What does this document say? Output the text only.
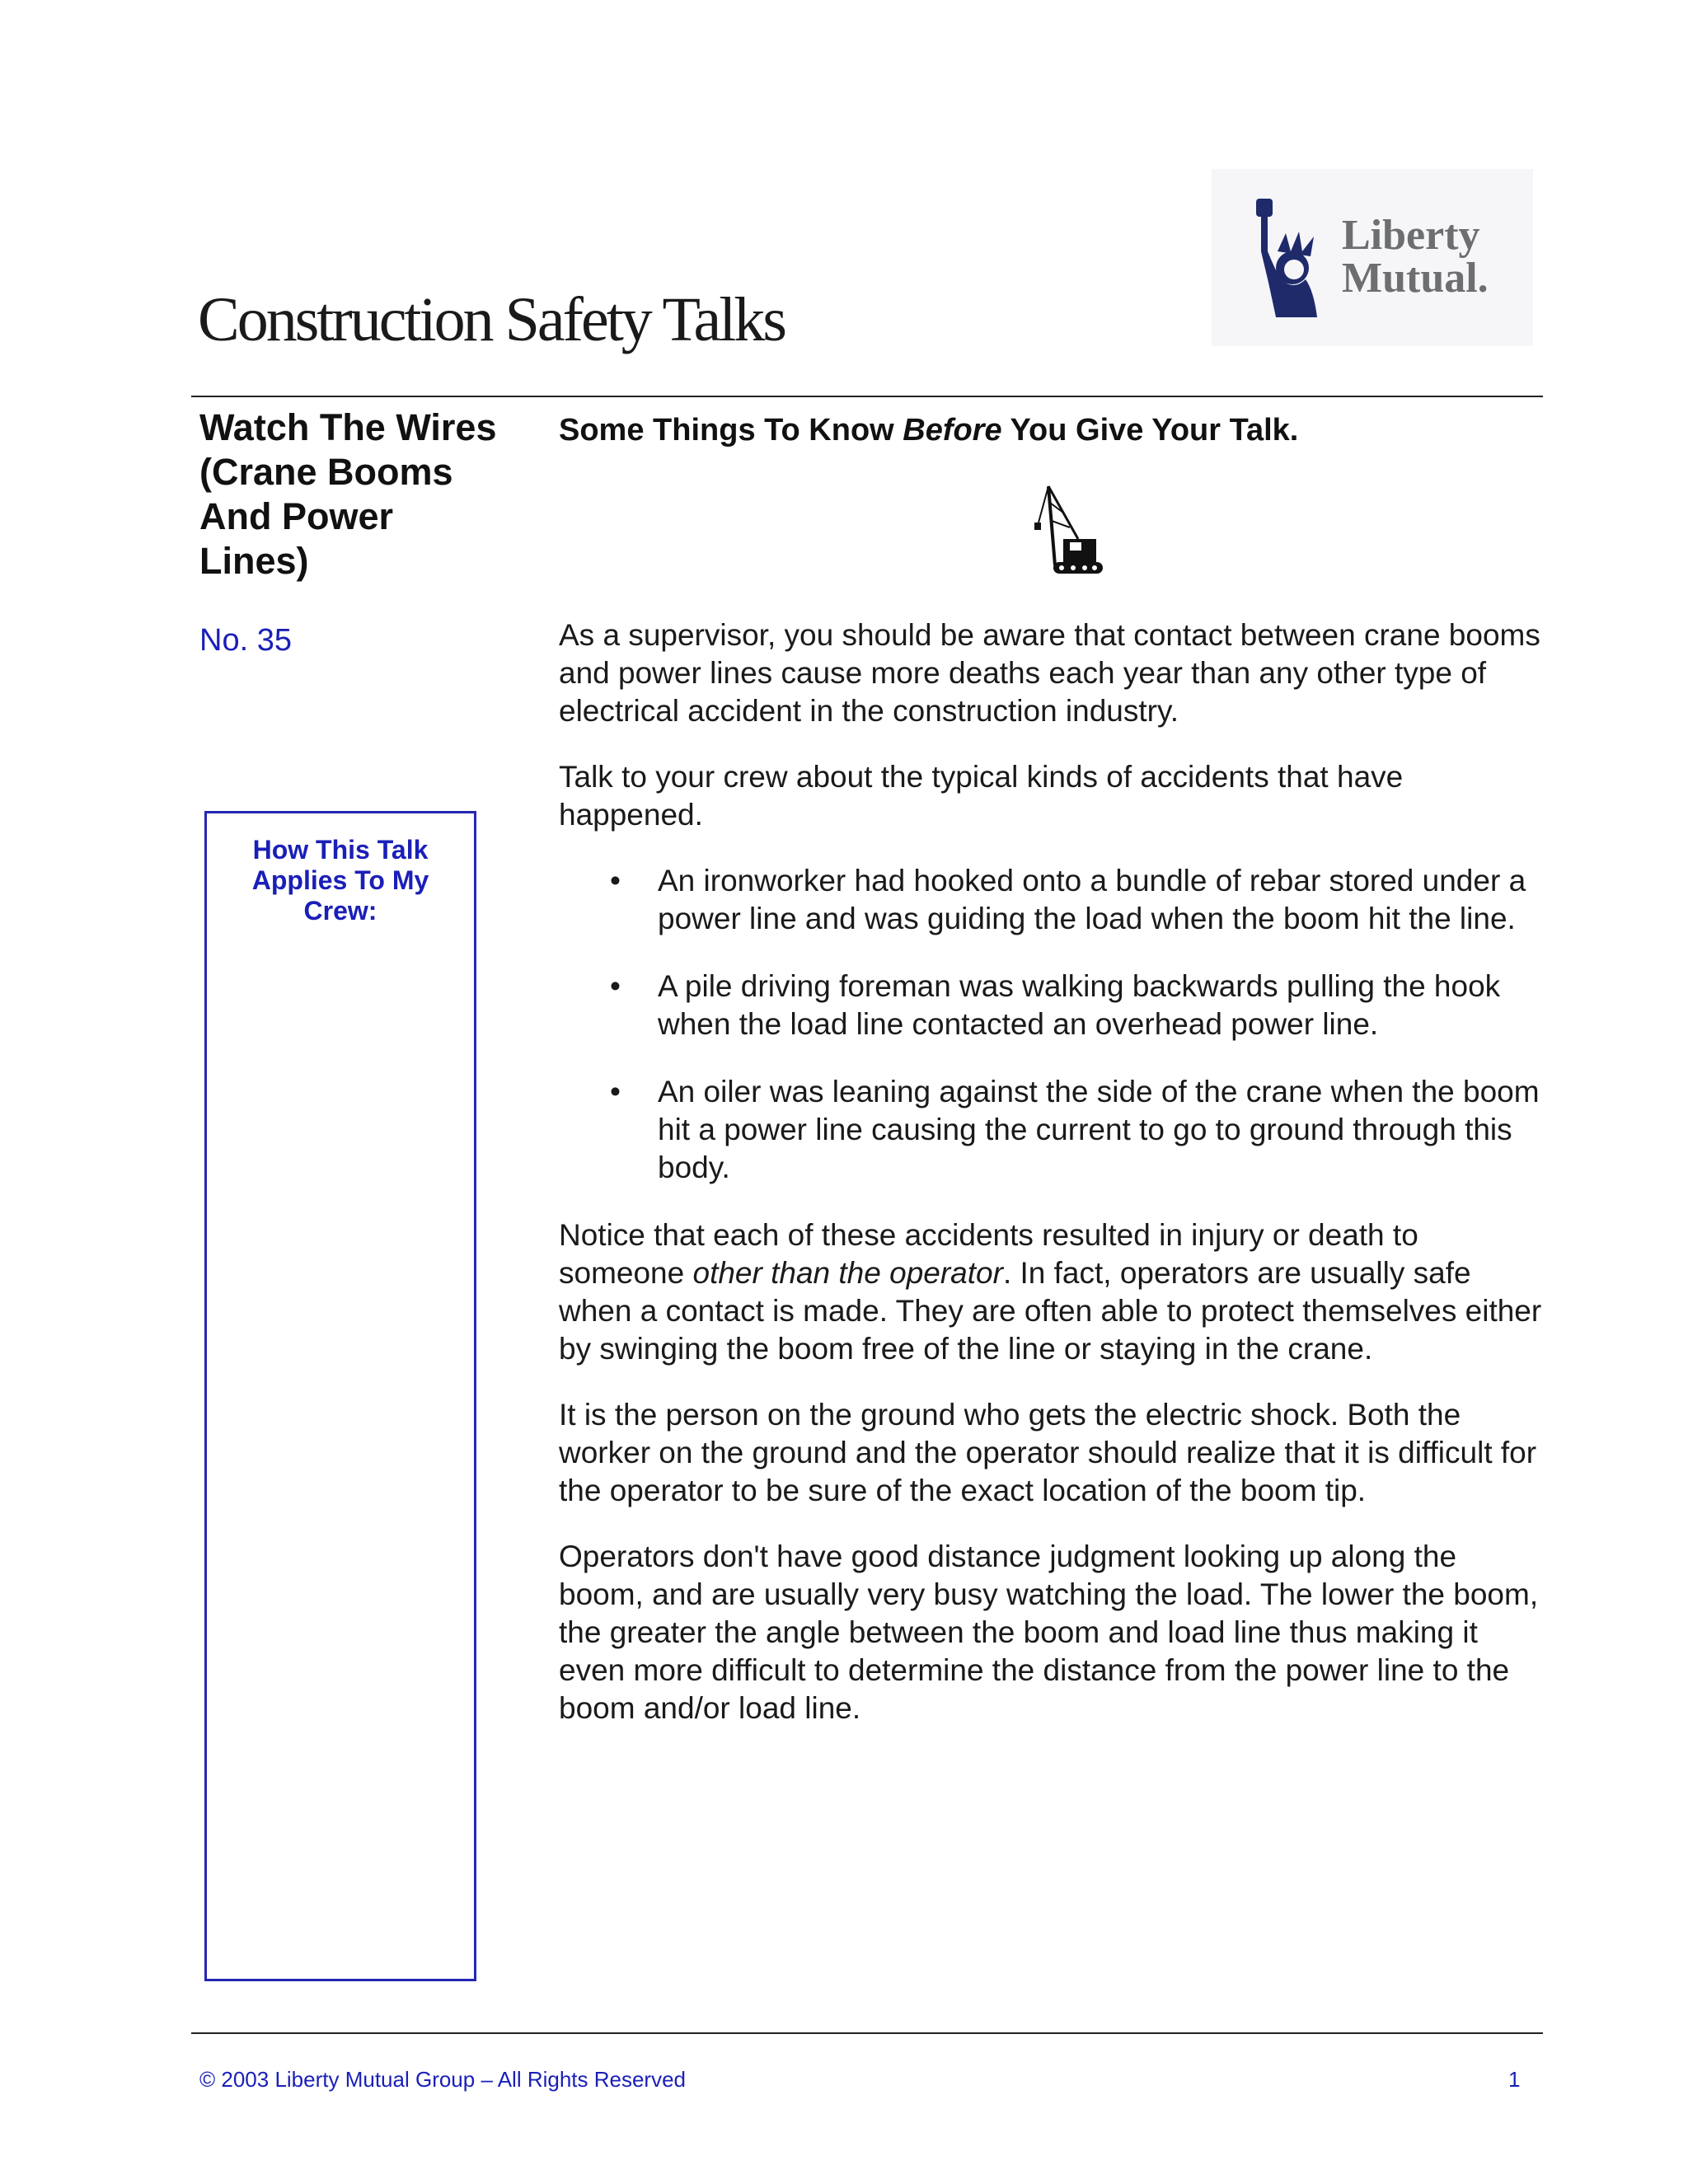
Liberty
Mutual.
Construction Safety Talks
Watch The Wires (Crane Booms And Power Lines)
No. 35
How This Talk Applies To My Crew:
Some Things To Know Before You Give Your Talk.

As a supervisor, you should be aware that contact between crane booms and power lines cause more deaths each year than any other type of electrical accident in the construction industry.

Talk to your crew about the typical kinds of accidents that have happened.

• An ironworker had hooked onto a bundle of rebar stored under a power line and was guiding the load when the boom hit the line.
• A pile driving foreman was walking backwards pulling the hook when the load line contacted an overhead power line.
• An oiler was leaning against the side of the crane when the boom hit a power line causing the current to go to ground through this body.

Notice that each of these accidents resulted in injury or death to someone other than the operator. In fact, operators are usually safe when a contact is made. They are often able to protect themselves either by swinging the boom free of the line or staying in the crane.

It is the person on the ground who gets the electric shock. Both the worker on the ground and the operator should realize that it is difficult for the operator to be sure of the exact location of the boom tip.

Operators don't have good distance judgment looking up along the boom, and are usually very busy watching the load. The lower the boom, the greater the angle between the boom and load line thus making it even more difficult to determine the distance from the power line to the boom and/or load line.

© 2003 Liberty Mutual Group – All Rights Reserved	1
